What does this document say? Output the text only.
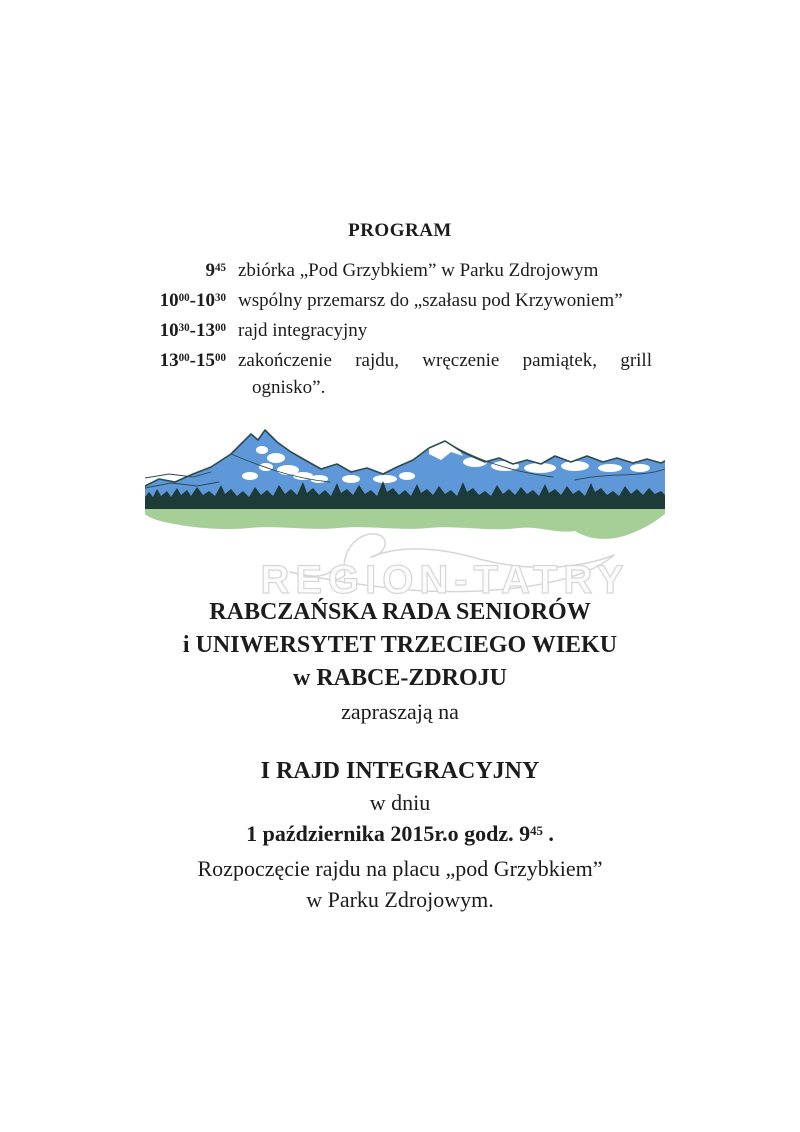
PROGRAM
$9^{45}$ zbiórka „Pod Grzybkiem” w Parku Zdrojowym
$10^{00}-10^{30}$ wspólny przemarsz do „szałasu pod Krzywoniem”
$10^{30}-13^{00}$ rajd integracyjny
$13^{00}-15^{00}$ zakończenie rajdu, wręczenie pamiątek, grill ognisko”.
REGION-TATRY
RABCZAŃSKA RADA SENIORÓW
i UNIWERSYTET TRZECIEGO WIEKU
w RABCE-ZDROJU
zapraszają na
I RAJD INTEGRACYJNY
w dniu
1 października 2015r.o godz. $9^{45}$ .
Rozpoczęcie rajdu na placu „pod Grzybkiem”
w Parku Zdrojowym.
